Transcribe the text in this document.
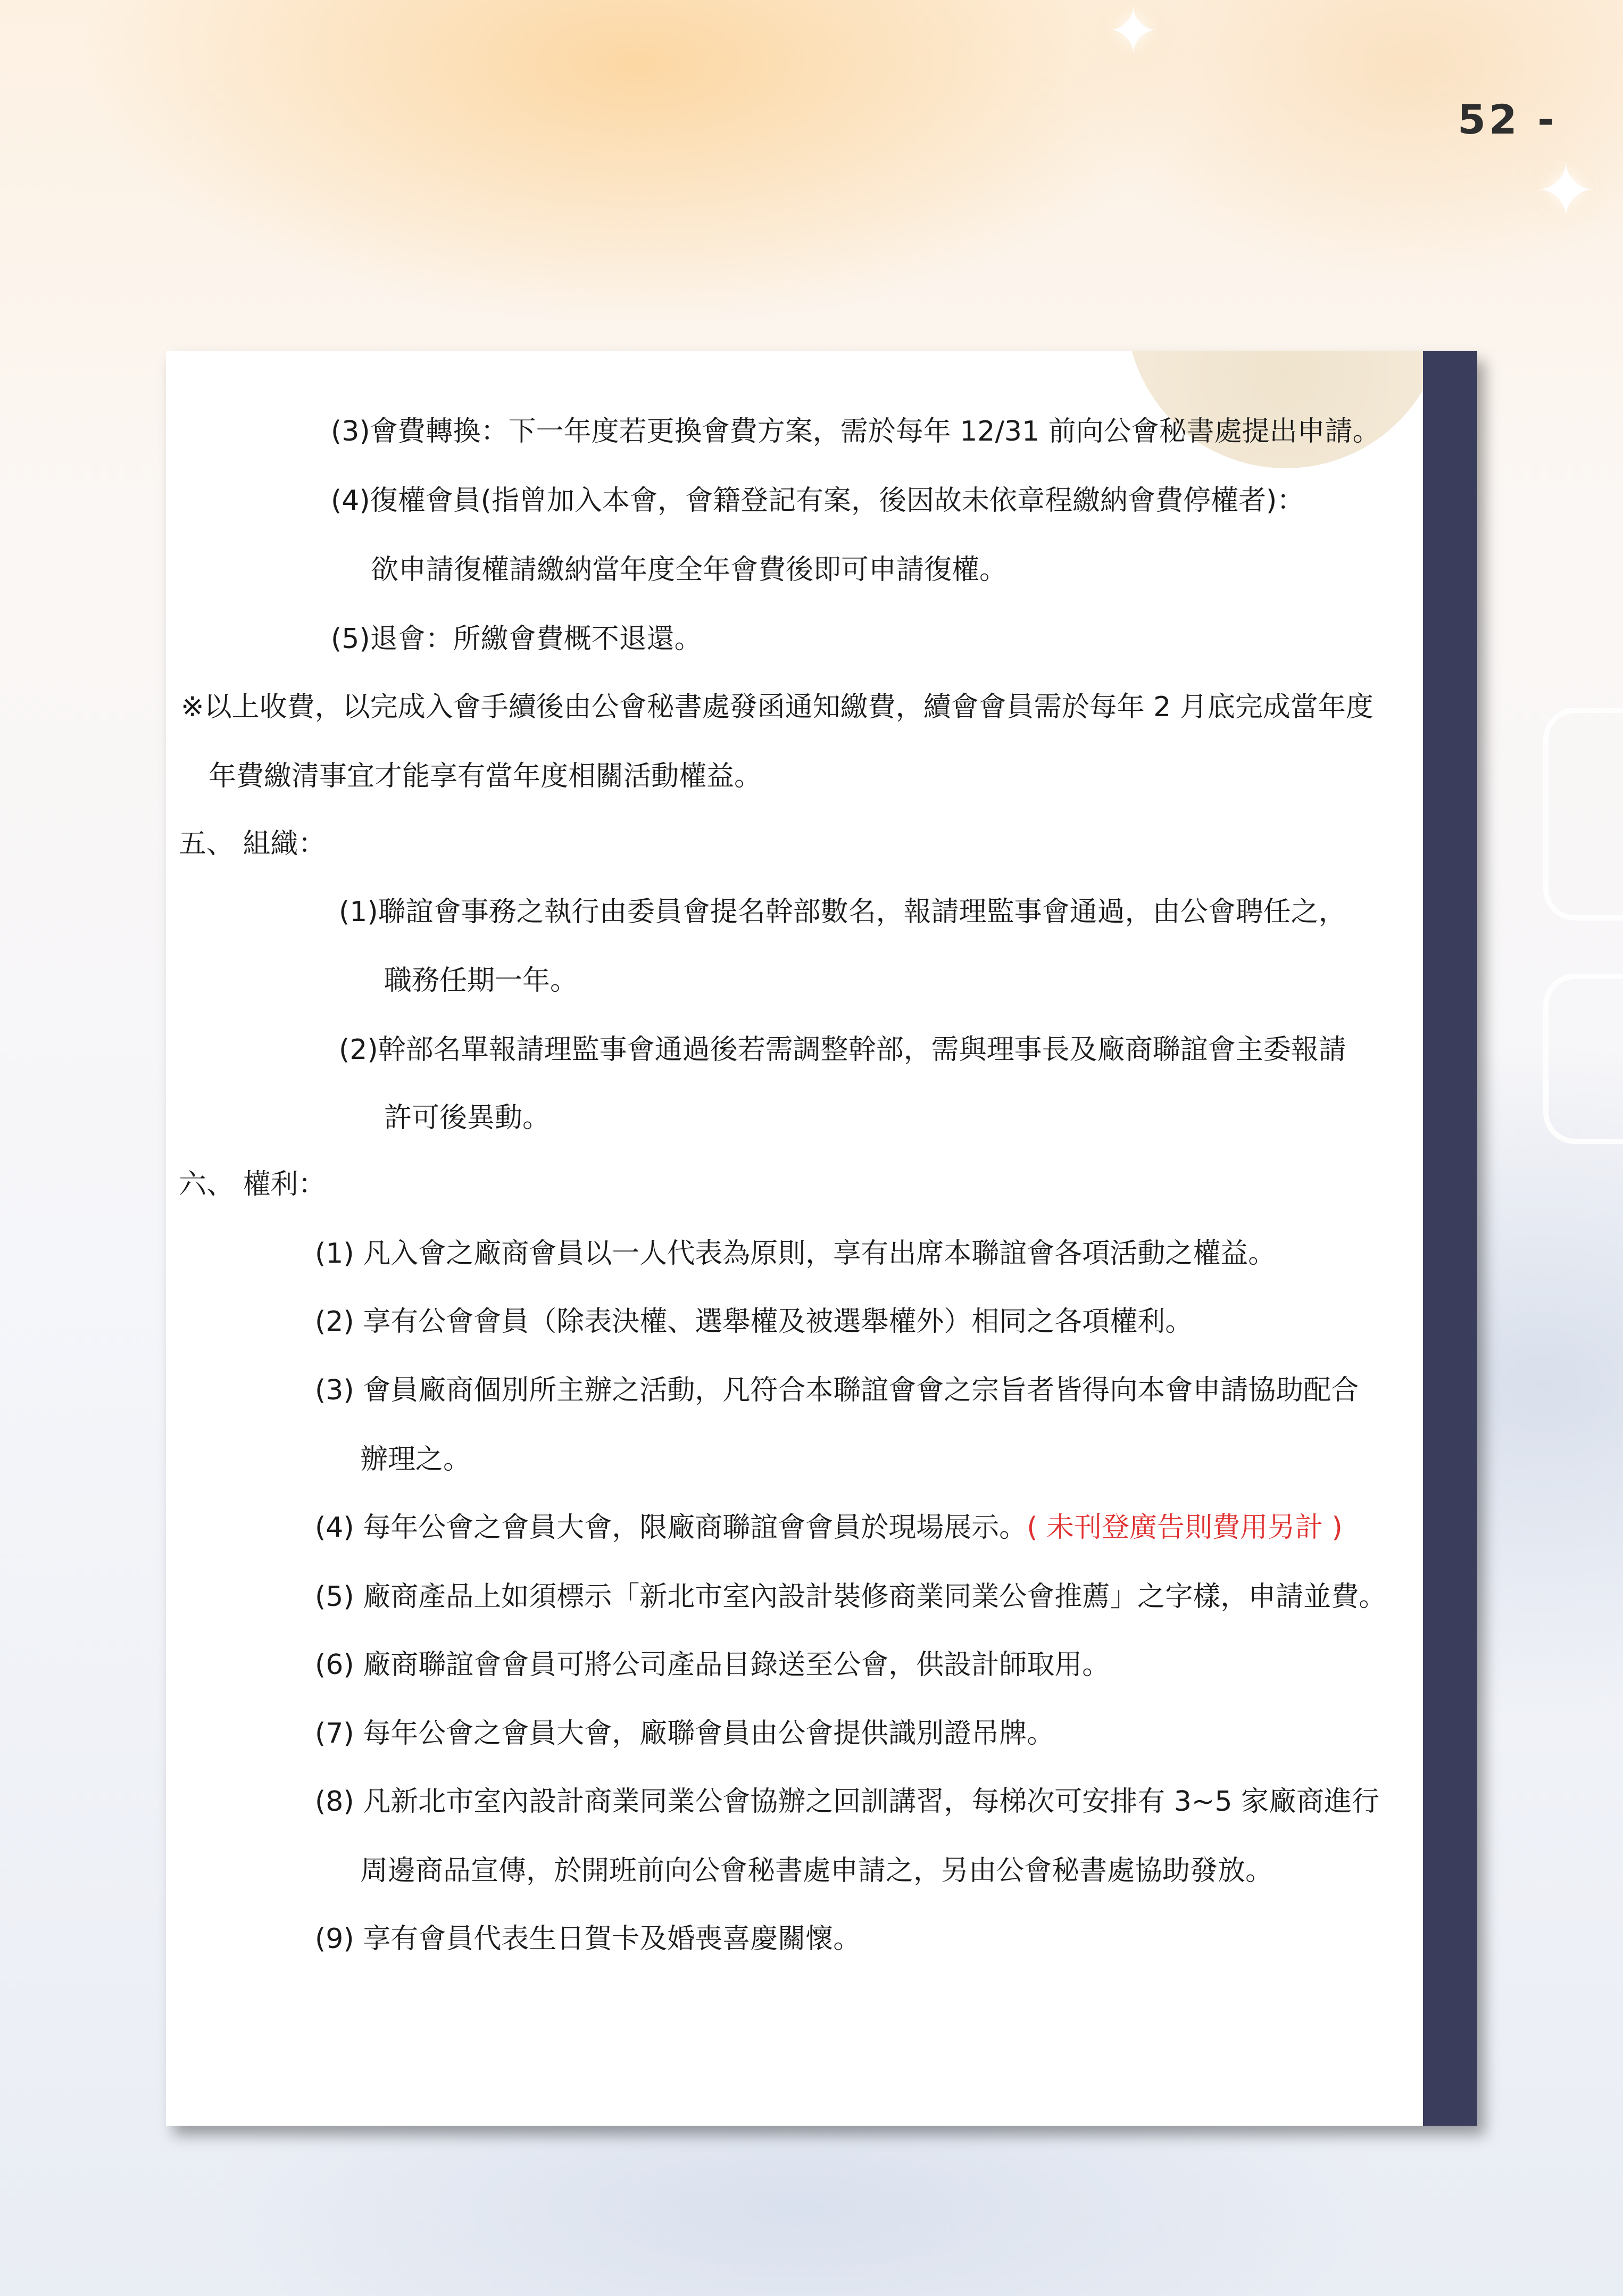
✦
✦
52 -
(3)會費轉換：下一年度若更換會費方案，需於每年 12/31 前向公會秘書處提出申請。
(4)復權會員(指曾加入本會，會籍登記有案，後因故未依章程繳納會費停權者)：
欲申請復權請繳納當年度全年會費後即可申請復權。
(5)退會：所繳會費概不退還。
※以上收費，以完成入會手續後由公會秘書處發函通知繳費，續會會員需於每年 2 月底完成當年度
年費繳清事宜才能享有當年度相關活動權益。
五、 組織：
(1)聯誼會事務之執行由委員會提名幹部數名，報請理監事會通過，由公會聘任之，
職務任期一年。
(2)幹部名單報請理監事會通過後若需調整幹部，需與理事長及廠商聯誼會主委報請
許可後異動。
六、 權利：
(1) 凡入會之廠商會員以一人代表為原則，享有出席本聯誼會各項活動之權益。
(2) 享有公會會員（除表決權、選舉權及被選舉權外）相同之各項權利。
(3) 會員廠商個別所主辦之活動，凡符合本聯誼會會之宗旨者皆得向本會申請協助配合
辦理之。
(4) 每年公會之會員大會，限廠商聯誼會會員於現場展示。( 未刊登廣告則費用另計 )
(5) 廠商產品上如須標示「新北市室內設計裝修商業同業公會推薦」之字樣，申請並費。
(6) 廠商聯誼會會員可將公司產品目錄送至公會，供設計師取用。
(7) 每年公會之會員大會，廠聯會員由公會提供識別證吊牌。
(8) 凡新北市室內設計商業同業公會協辦之回訓講習，每梯次可安排有 3~5 家廠商進行
周邊商品宣傳，於開班前向公會秘書處申請之，另由公會秘書處協助發放。
(9) 享有會員代表生日賀卡及婚喪喜慶關懷。
